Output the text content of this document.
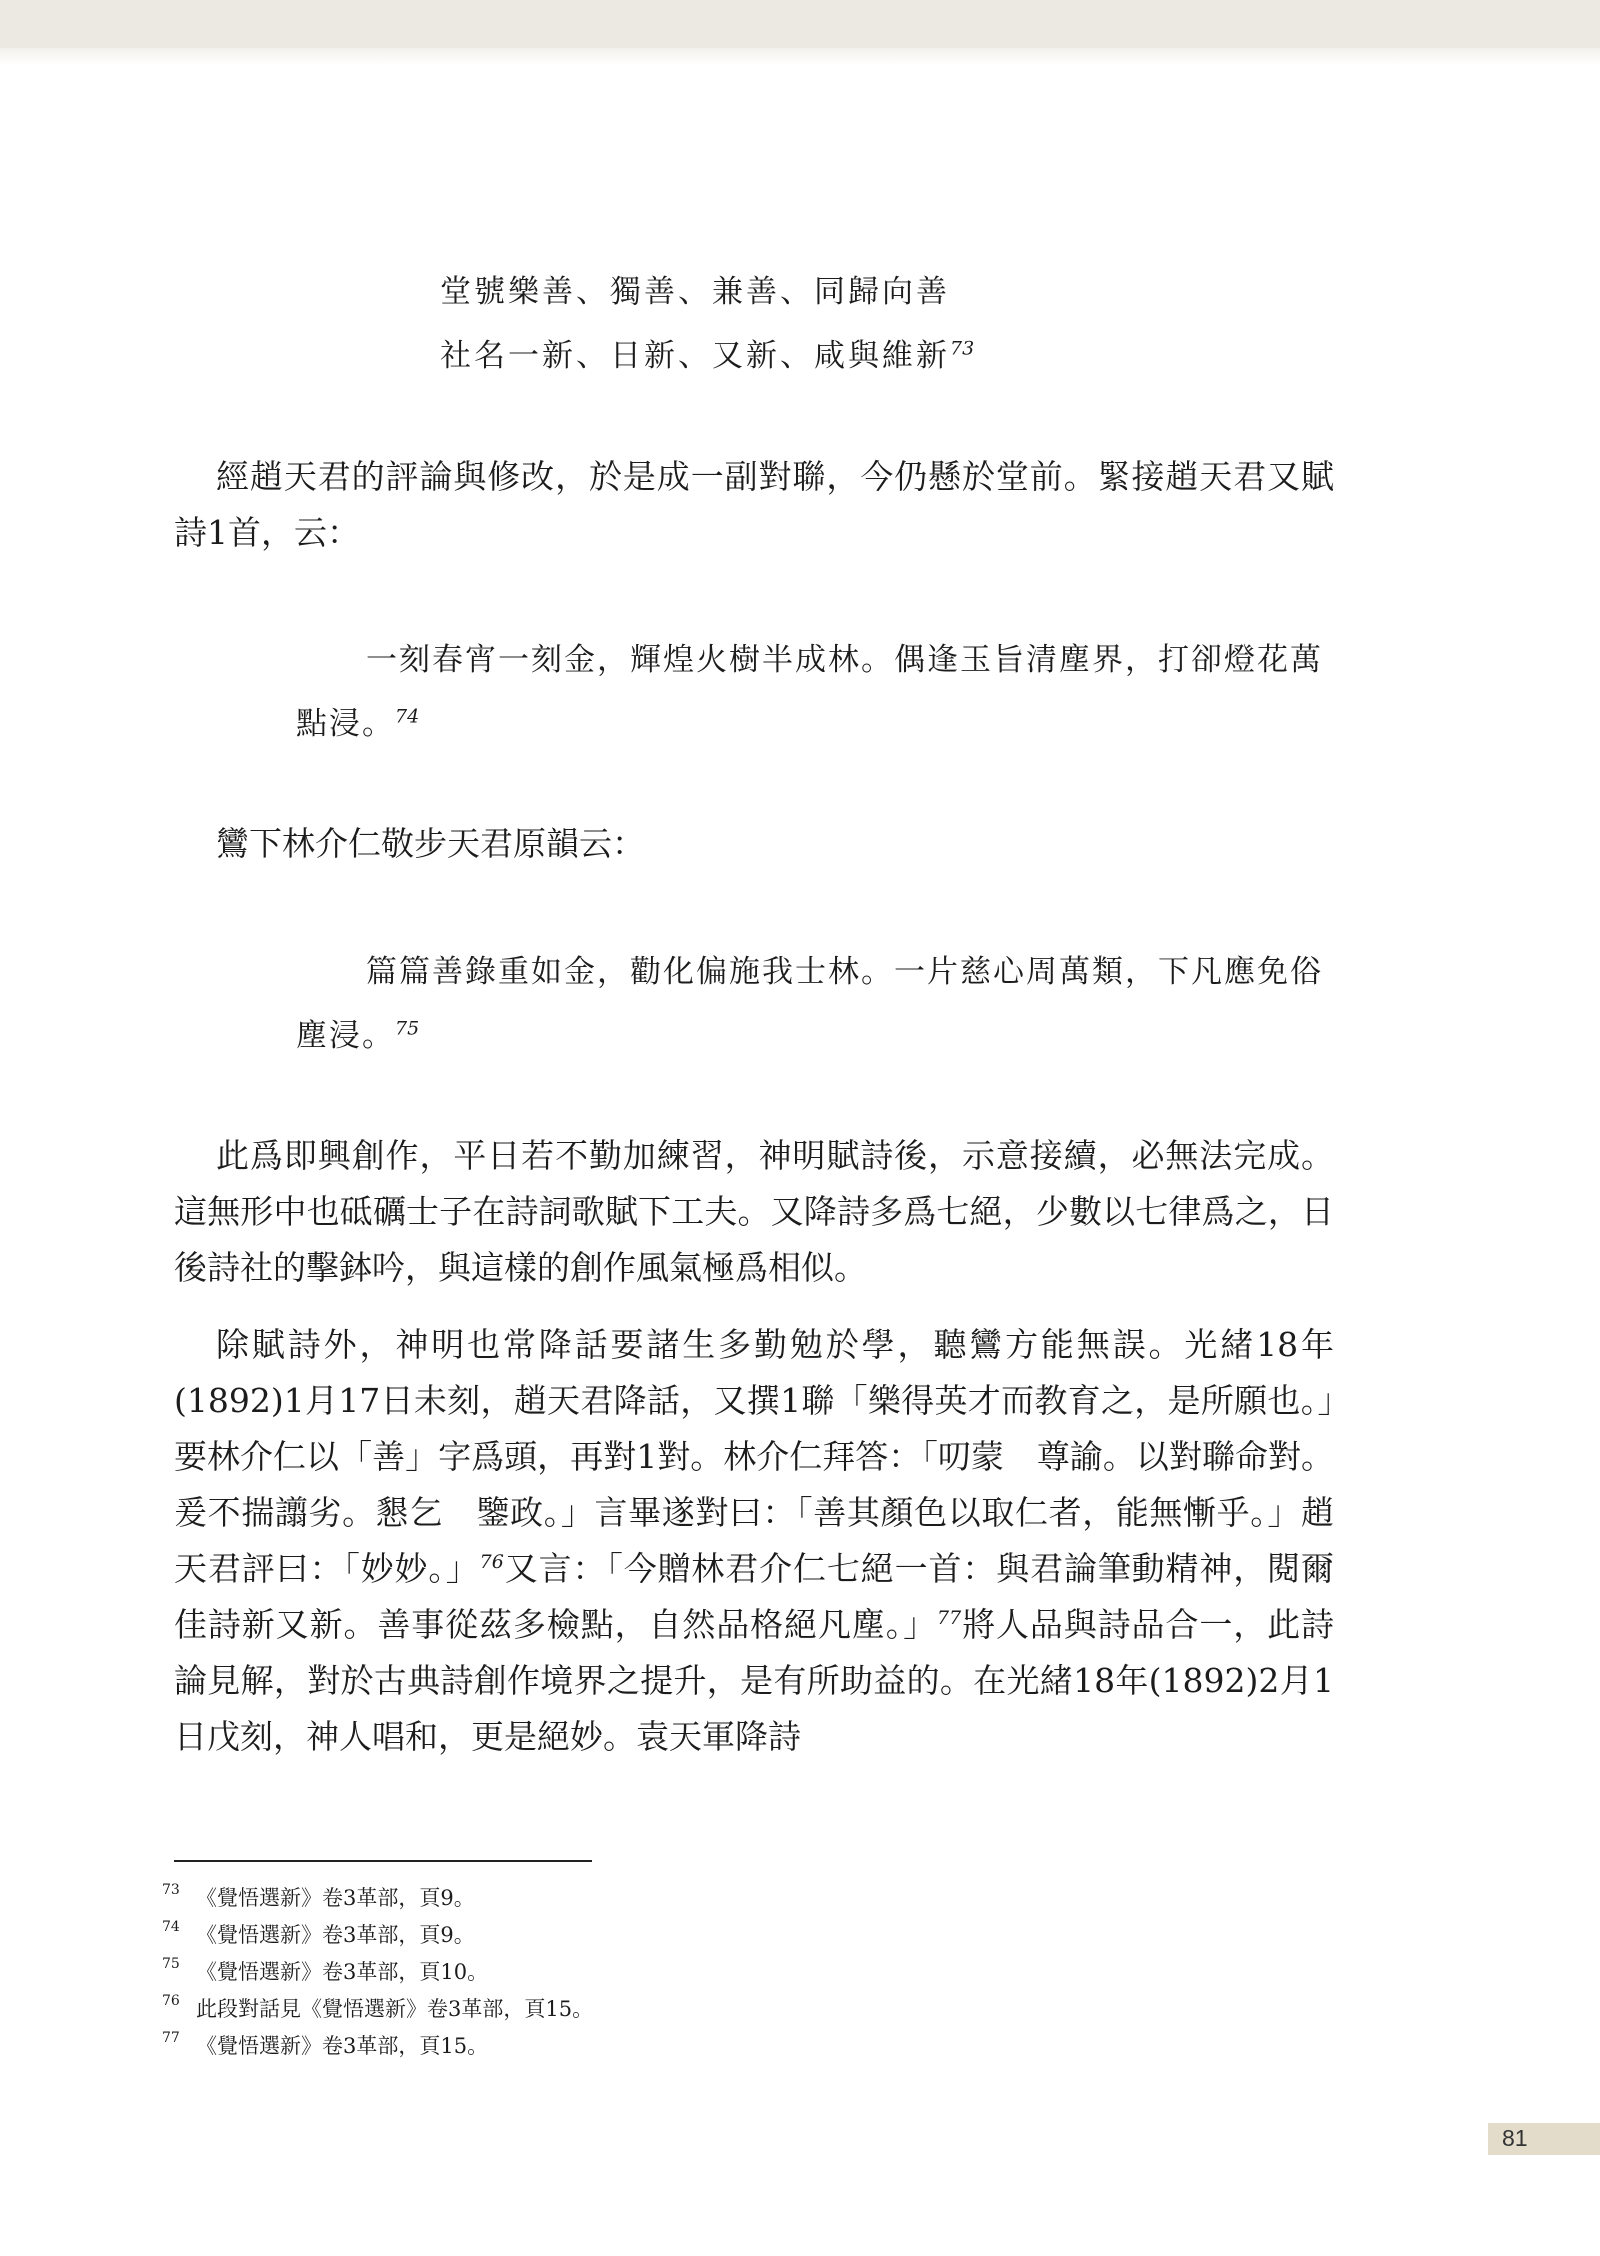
堂號樂善、獨善、兼善、同歸向善
社名一新、日新、又新、咸與維新$^{73}$

經趙天君的評論與修改，於是成一副對聯，今仍懸於堂前。緊接趙天君又賦詩1首，云：

一刻春宵一刻金，輝煌火樹半成林。偶逢玉旨清塵界，打卻燈花萬點浸。$^{74}$

鸞下林介仁敬步天君原韻云：

篇篇善錄重如金，勸化偏施我士林。一片慈心周萬類，下凡應免俗塵浸。$^{75}$

此爲即興創作，平日若不勤加練習，神明賦詩後，示意接續，必無法完成。這無形中也砥礪士子在詩詞歌賦下工夫。又降詩多爲七絕，少數以七律爲之，日後詩社的擊鉢吟，與這樣的創作風氣極爲相似。

除賦詩外，神明也常降話要諸生多勤勉於學，聽鸞方能無誤。光緒18年(1892)1月17日未刻，趙天君降話，又撰1聯「樂得英才而教育之，是所願也。」要林介仁以「善」字爲頭，再對1對。林介仁拜答：「叨蒙　尊諭。以對聯命對。爰不揣譾劣。懇乞　鑒政。」言畢遂對曰：「善其顏色以取仁者，能無慚乎。」趙天君評曰：「妙妙。」$^{76}$又言：「今贈林君介仁七絕一首：與君論筆動精神，閱爾佳詩新又新。善事從茲多檢點，自然品格絕凡塵。」$^{77}$將人品與詩品合一，此詩論見解，對於古典詩創作境界之提升，是有所助益的。在光緒18年(1892)2月1日戊刻，神人唱和，更是絕妙。袁天軍降詩

73 《覺悟選新》卷3革部，頁9。
74 《覺悟選新》卷3革部，頁9。
75 《覺悟選新》卷3革部，頁10。
76 此段對話見《覺悟選新》卷3革部，頁15。
77 《覺悟選新》卷3革部，頁15。
81
